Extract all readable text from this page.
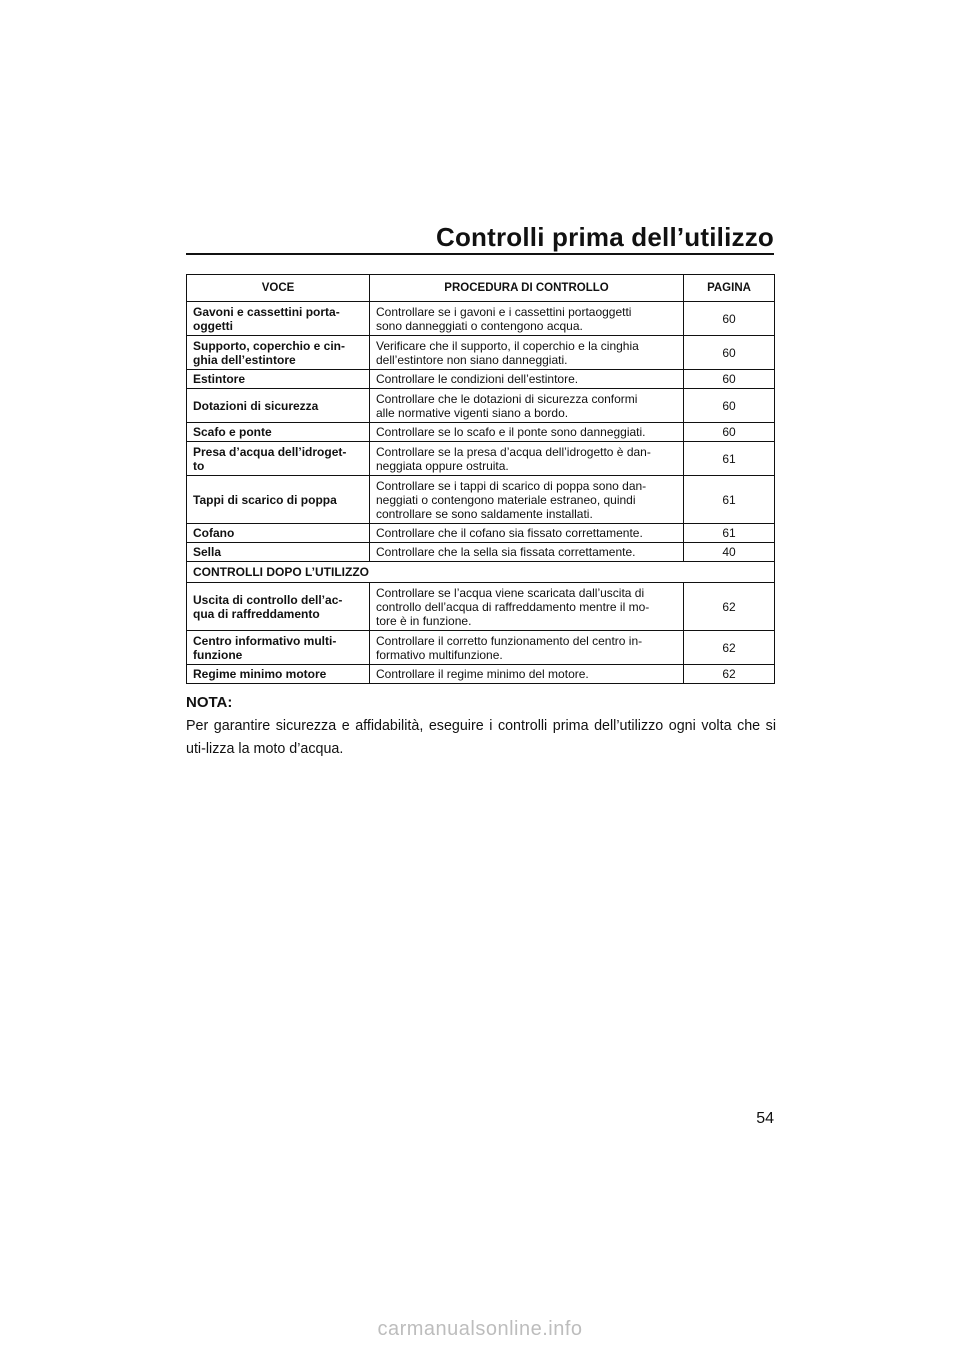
Controlli prima dell’utilizzo
VOCE	PROCEDURA DI CONTROLLO	PAGINA
Gavoni e cassettini porta-
oggetti	Controllare se i gavoni e i cassettini portaoggetti
sono danneggiati o contengono acqua.	60
Supporto, coperchio e cin-
ghia dell’estintore	Verificare che il supporto, il coperchio e la cinghia
dell’estintore non siano danneggiati.	60
Estintore	Controllare le condizioni dell’estintore.	60
Dotazioni di sicurezza	Controllare che le dotazioni di sicurezza conformi
alle normative vigenti siano a bordo.	60
Scafo e ponte	Controllare se lo scafo e il ponte sono danneggiati.	60
Presa d’acqua dell’idroget-
to	Controllare se la presa d’acqua dell’idrogetto è dan-
neggiata oppure ostruita.	61
Tappi di scarico di poppa	Controllare se i tappi di scarico di poppa sono dan-
neggiati o contengono materiale estraneo, quindi
controllare se sono saldamente installati.	61
Cofano	Controllare che il cofano sia fissato correttamente.	61
Sella	Controllare che la sella sia fissata correttamente.	40
CONTROLLI DOPO L’UTILIZZO		
Uscita di controllo dell’ac-
qua di raffreddamento	Controllare se l’acqua viene scaricata dall’uscita di
controllo dell’acqua di raffreddamento mentre il mo-
tore è in funzione.	62
Centro informativo multi-
funzione	Controllare il corretto funzionamento del centro in-
formativo multifunzione.	62
Regime minimo motore	Controllare il regime minimo del motore.	62

NOTA:

Per garantire sicurezza e affidabilità, eseguire i controlli prima dell’utilizzo ogni volta che si uti-lizza la moto d’acqua.

54
carmanualsonline.info
